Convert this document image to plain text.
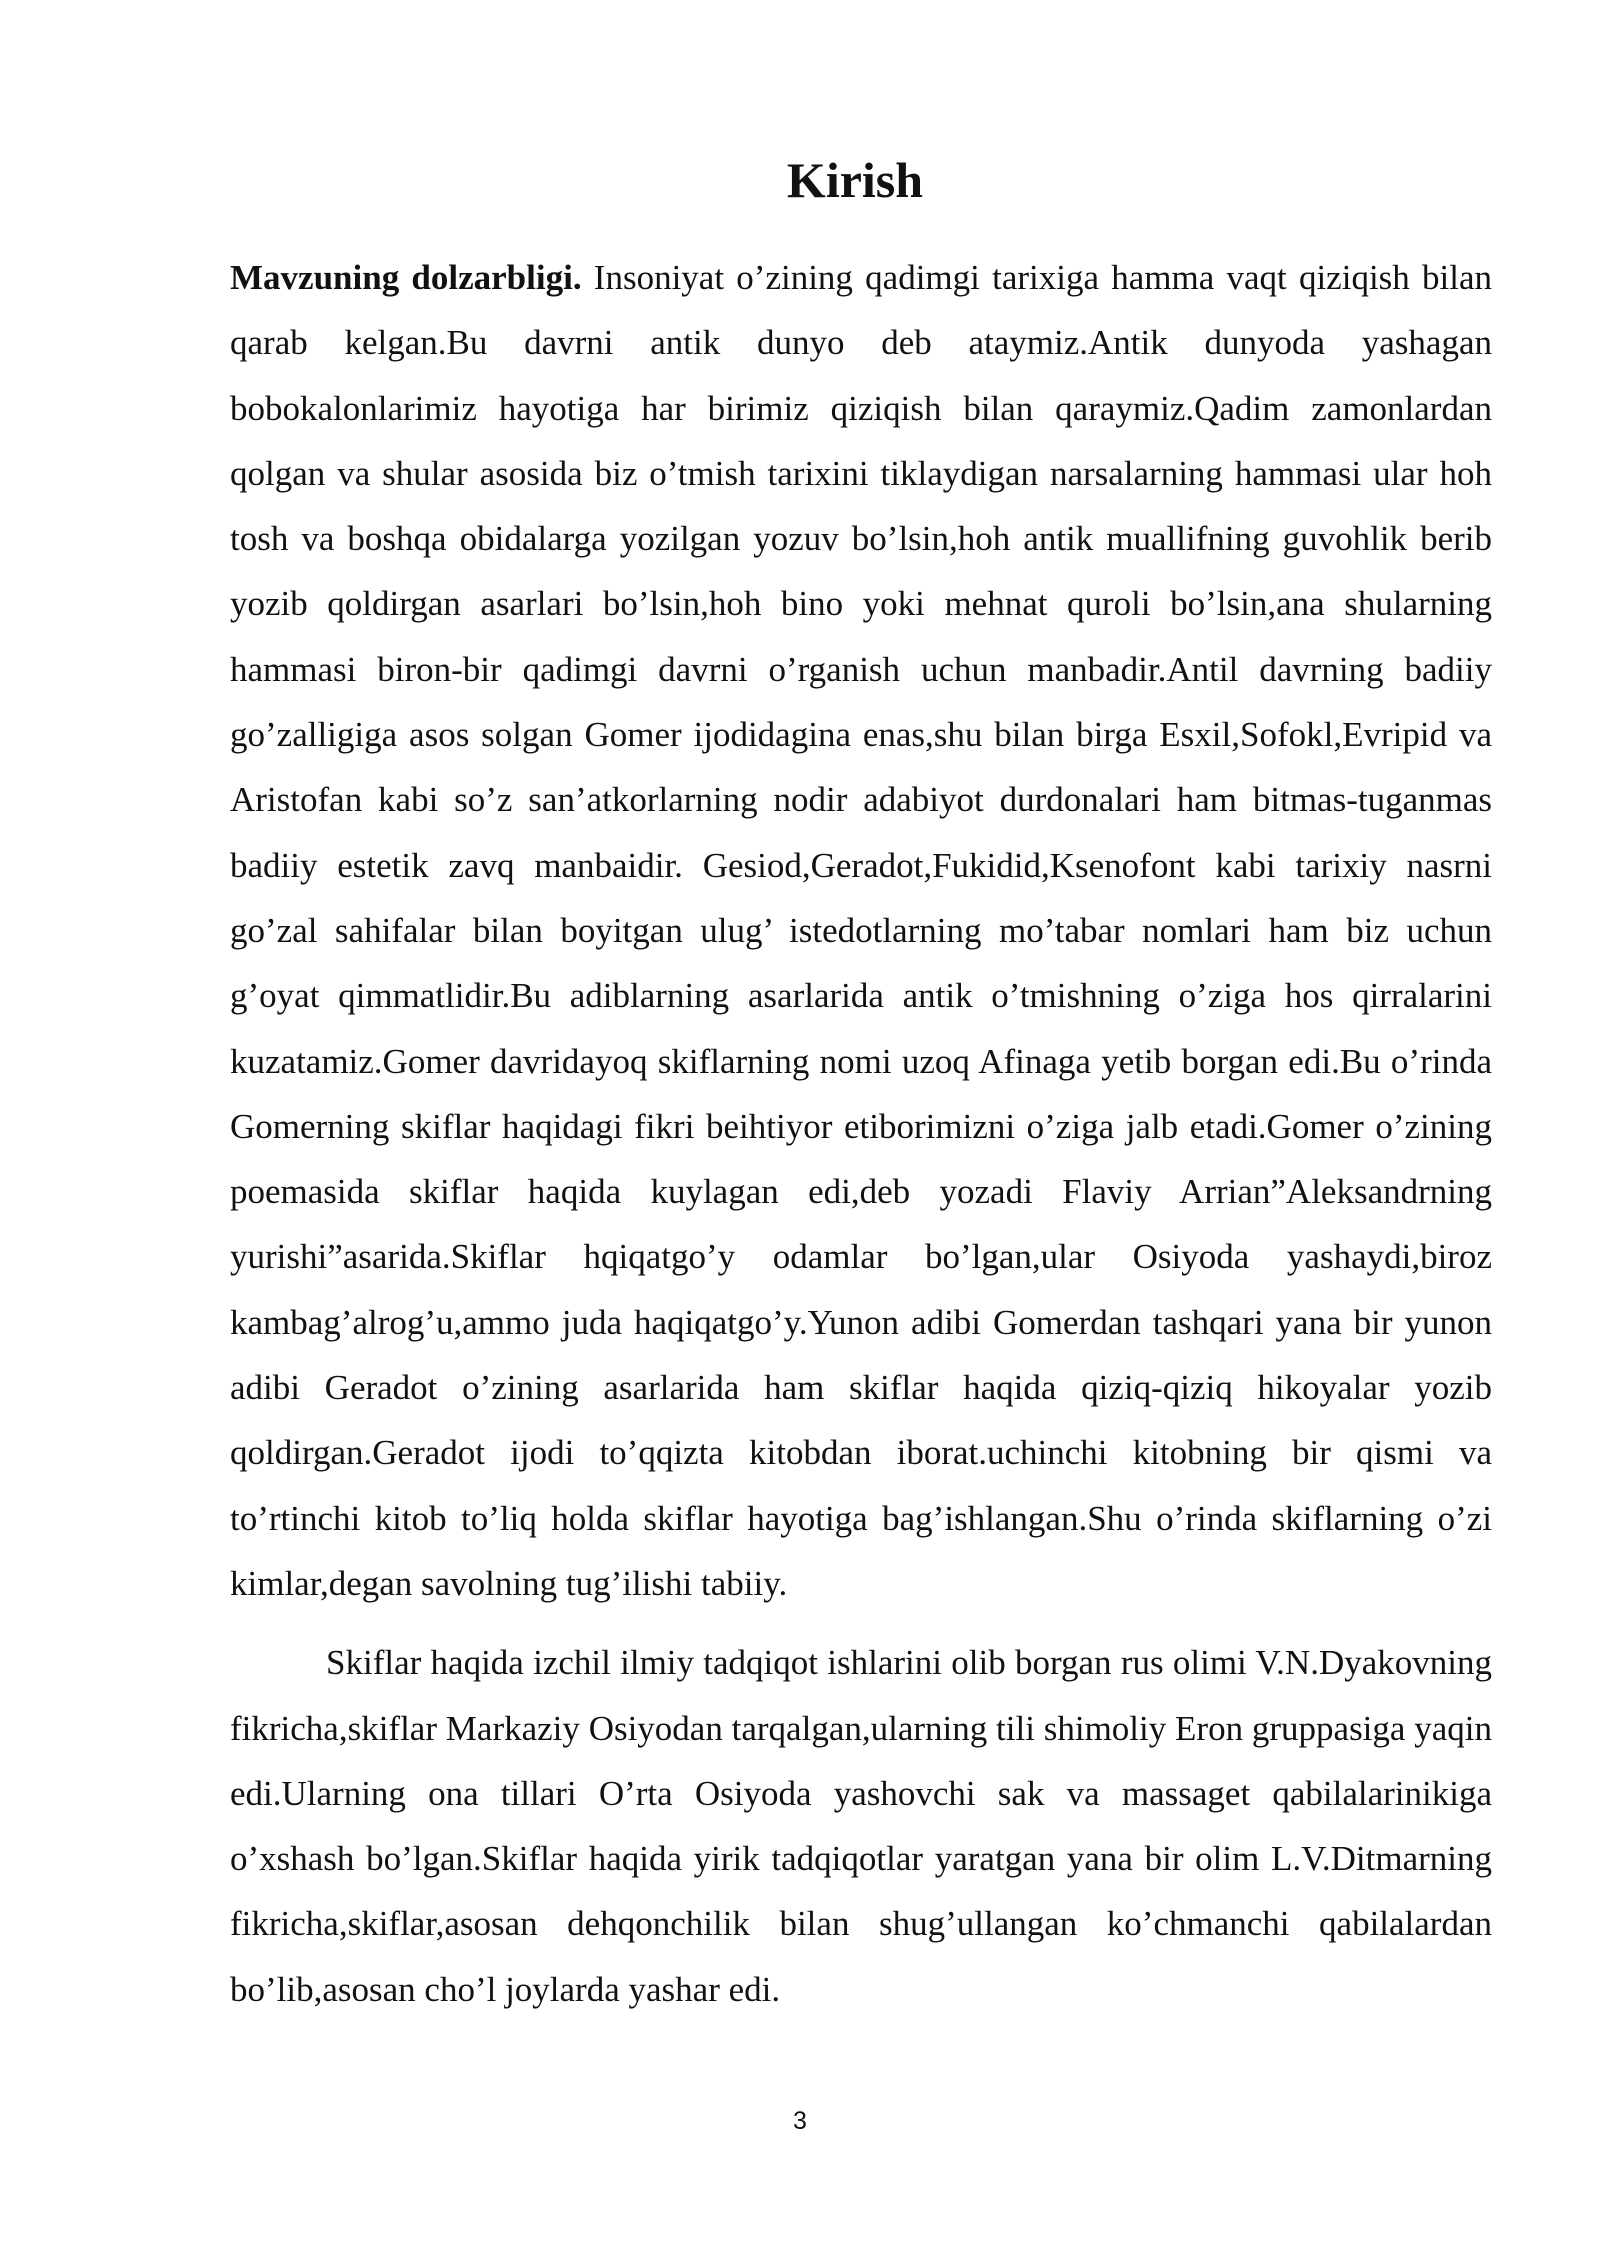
Kirish

Mavzuning dolzarbligi. Insoniyat o’zining qadimgi tarixiga hamma vaqt qiziqish bilan qarab kelgan.Bu davrni antik dunyo deb ataymiz.Antik dunyoda yashagan bobokalonlarimiz hayotiga har birimiz qiziqish bilan qaraymiz.Qadim zamonlardan qolgan va shular asosida biz o’tmish tarixini tiklaydigan narsalarning hammasi ular hoh tosh va boshqa obidalarga yozilgan yozuv bo’lsin,hoh antik muallifning guvohlik berib yozib qoldirgan asarlari bo’lsin,hoh bino yoki mehnat quroli bo’lsin,ana shularning hammasi biron-bir qadimgi davrni o’rganish uchun manbadir.Antil davrning badiiy go’zalligiga asos solgan Gomer ijodidagina enas,shu bilan birga Esxil,Sofokl,Evripid va Aristofan kabi so’z san’atkorlarning nodir adabiyot durdonalari ham bitmas-tuganmas badiiy estetik zavq manbaidir. Gesiod,Geradot,Fukidid,Ksenofont kabi tarixiy nasrni go’zal sahifalar bilan boyitgan ulug’ istedotlarning mo’tabar nomlari ham biz uchun g’oyat qimmatlidir.Bu adiblarning asarlarida antik o’tmishning o’ziga hos qirralarini kuzatamiz.Gomer davridayoq skiflarning nomi uzoq Afinaga yetib borgan edi.Bu o’rinda Gomerning skiflar haqidagi fikri beihtiyor etiborimizni o’ziga jalb etadi.Gomer o’zining poemasida skiflar haqida kuylagan edi,deb yozadi Flaviy Arrian”Aleksandrning yurishi”asarida.Skiflar hqiqatgo’y odamlar bo’lgan,ular Osiyoda yashaydi,biroz kambag’alrog’u,ammo juda haqiqatgo’y.Yunon adibi Gomerdan tashqari yana bir yunon adibi Geradot o’zining asarlarida ham skiflar haqida qiziq-qiziq hikoyalar yozib qoldirgan.Geradot ijodi to’qqizta kitobdan iborat.uchinchi kitobning bir qismi va to’rtinchi kitob to’liq holda skiflar hayotiga bag’ishlangan.Shu o’rinda skiflarning o’zi kimlar,degan savolning tug’ilishi tabiiy.

Skiflar haqida izchil ilmiy tadqiqot ishlarini olib borgan rus olimi V.N.Dyakovning fikricha,skiflar Markaziy Osiyodan tarqalgan,ularning tili shimoliy Eron gruppasiga yaqin edi.Ularning ona tillari O’rta Osiyoda yashovchi sak va massaget qabilalarinikiga o’xshash bo’lgan.Skiflar haqida yirik tadqiqotlar yaratgan yana bir olim L.V.Ditmarning fikricha,skiflar,asosan dehqonchilik bilan shug’ullangan ko’chmanchi qabilalardan bo’lib,asosan cho’l joylarda yashar edi.

3
